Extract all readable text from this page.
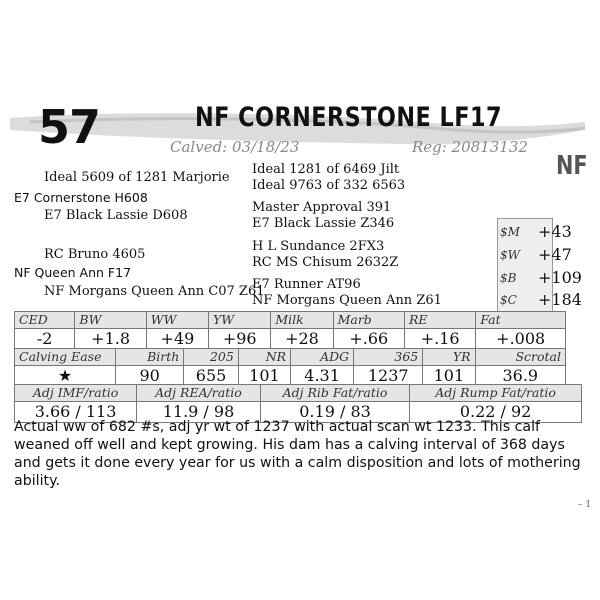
57	NF CORNERSTONE LF17
Calved: 03/18/23	Reg: 20813132
NF
Ideal 5609 of 1281 Marjorie
E7 Cornerstone H608
E7 Black Lassie D608
RC Bruno 4605
NF Queen Ann F17
NF Morgans Queen Ann C07 Z61
Ideal 1281 of 6469 Jilt
Ideal 9763 of 332 6563
Master Approval 391
E7 Black Lassie Z346
H L Sundance 2FX3
RC MS Chisum 2632Z
E7 Runner AT96
NF Morgans Queen Ann Z61
$M +43
$W +47
$B +109
$C +184
CED	BW	WW	YW	Milk	Marb	RE	Fat
-2	+1.8	+49	+96	+28	+.66	+.16	+.008
Calving Ease	Birth	205	NR	ADG	365	YR	Scrotal
★	90	655	101	4.31	1237	101	36.9
Adj IMF/ratio	Adj REA/ratio	Adj Rib Fat/ratio	Adj Rump Fat/ratio
3.66 / 113	11.9 / 98	0.19 / 83	0.22 / 92
Actual ww of 682 #s, adj yr wt of 1237 with actual scan wt 1233. This calf weaned off well and kept growing. His dam has a calving interval of 368 days and gets it done every year for us with a calm disposition and lots of mothering ability.
– 1
